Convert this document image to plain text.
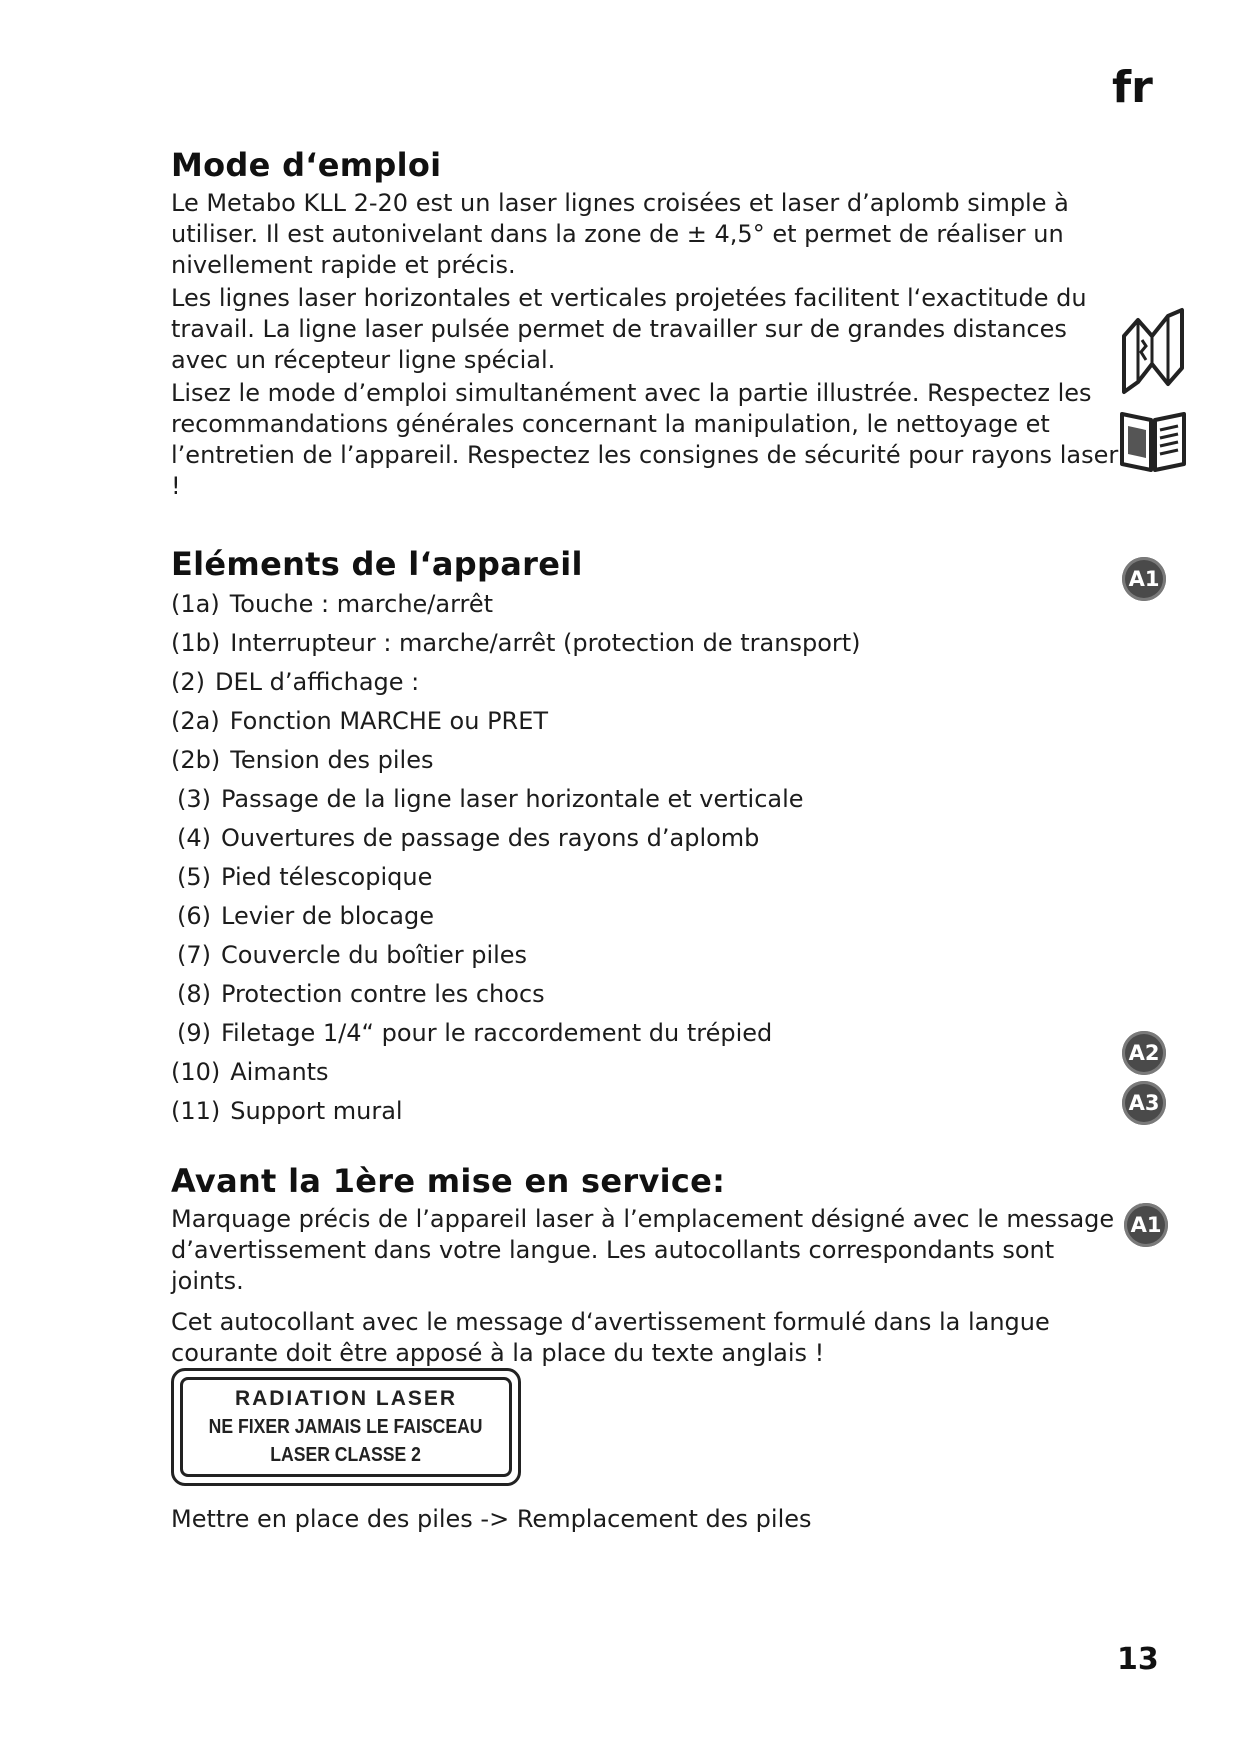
fr
Mode d‘emploi

Le Metabo KLL 2-20 est un laser lignes croisées et laser d’aplomb simple à utiliser. Il est autonivelant dans la zone de ± 4,5° et permet de réaliser un nivellement rapide et précis.

Les lignes laser horizontales et verticales projetées facilitent l‘exactitude du travail. La ligne laser pulsée permet de travailler sur de grandes distances avec un récepteur ligne spécial.

Lisez le mode d’emploi simultanément avec la partie illustrée. Respectez les recommandations générales concernant la manipulation, le nettoyage et l’entretien de l’appareil. Respectez les consignes de sécurité pour rayons laser !

Eléments de l‘appareil
(1a) Touche : marche/arrêt
(1b) Interrupteur : marche/arrêt (protection de transport)
(2) DEL d’affichage :
(2a) Fonction MARCHE ou PRET
(2b) Tension des piles
(3) Passage de la ligne laser horizontale et verticale
(4) Ouvertures de passage des rayons d’aplomb
(5) Pied télescopique
(6) Levier de blocage
(7) Couvercle du boîtier piles
(8) Protection contre les chocs
(9) Filetage 1/4“ pour le raccordement du trépied
(10) Aimants
(11) Support mural
A1
A2
A3
Avant la 1ère mise en service:

Marquage précis de l’appareil laser à l’emplacement désigné avec le message d’avertissement dans votre langue. Les autocollants correspondants sont joints.

Cet autocollant avec le message d‘avertissement formulé dans la langue courante doit être apposé à la place du texte anglais !

A1
RADIATION LASER
NE FIXER JAMAIS LE FAISCEAU
LASER CLASSE 2

Mettre en place des piles -> Remplacement des piles

13
